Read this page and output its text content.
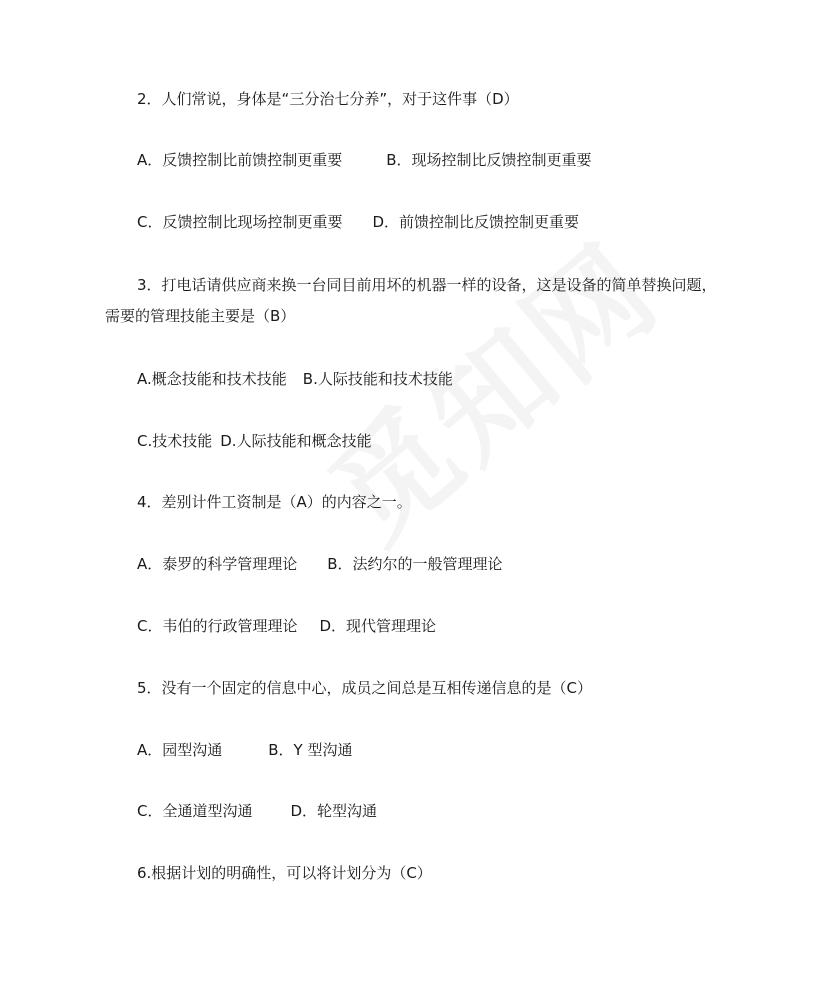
2．人们常说，身体是“三分治七分养”，对于这件事（D）
A．反馈控制比前馈控制更重要	B．现场控制比反馈控制更重要
C．反馈控制比现场控制更重要 D．前馈控制比反馈控制更重要
3．打电话请供应商来换一台同目前用坏的机器一样的设备，这是设备的简单替换问题，
需要的管理技能主要是（B）
A.概念技能和技术技能 B.人际技能和技术技能
C.技术技能 D.人际技能和概念技能
4．差别计件工资制是（A）的内容之一。
A．泰罗的科学管理理论 B．法约尔的一般管理理论
C．韦伯的行政管理理论 D．现代管理理论
5．没有一个固定的信息中心，成员之间总是互相传递信息的是（C）
A．园型沟通	B．Y 型沟通
C．全通道型沟通	D．轮型沟通
6.根据计划的明确性，可以将计划分为（C）
